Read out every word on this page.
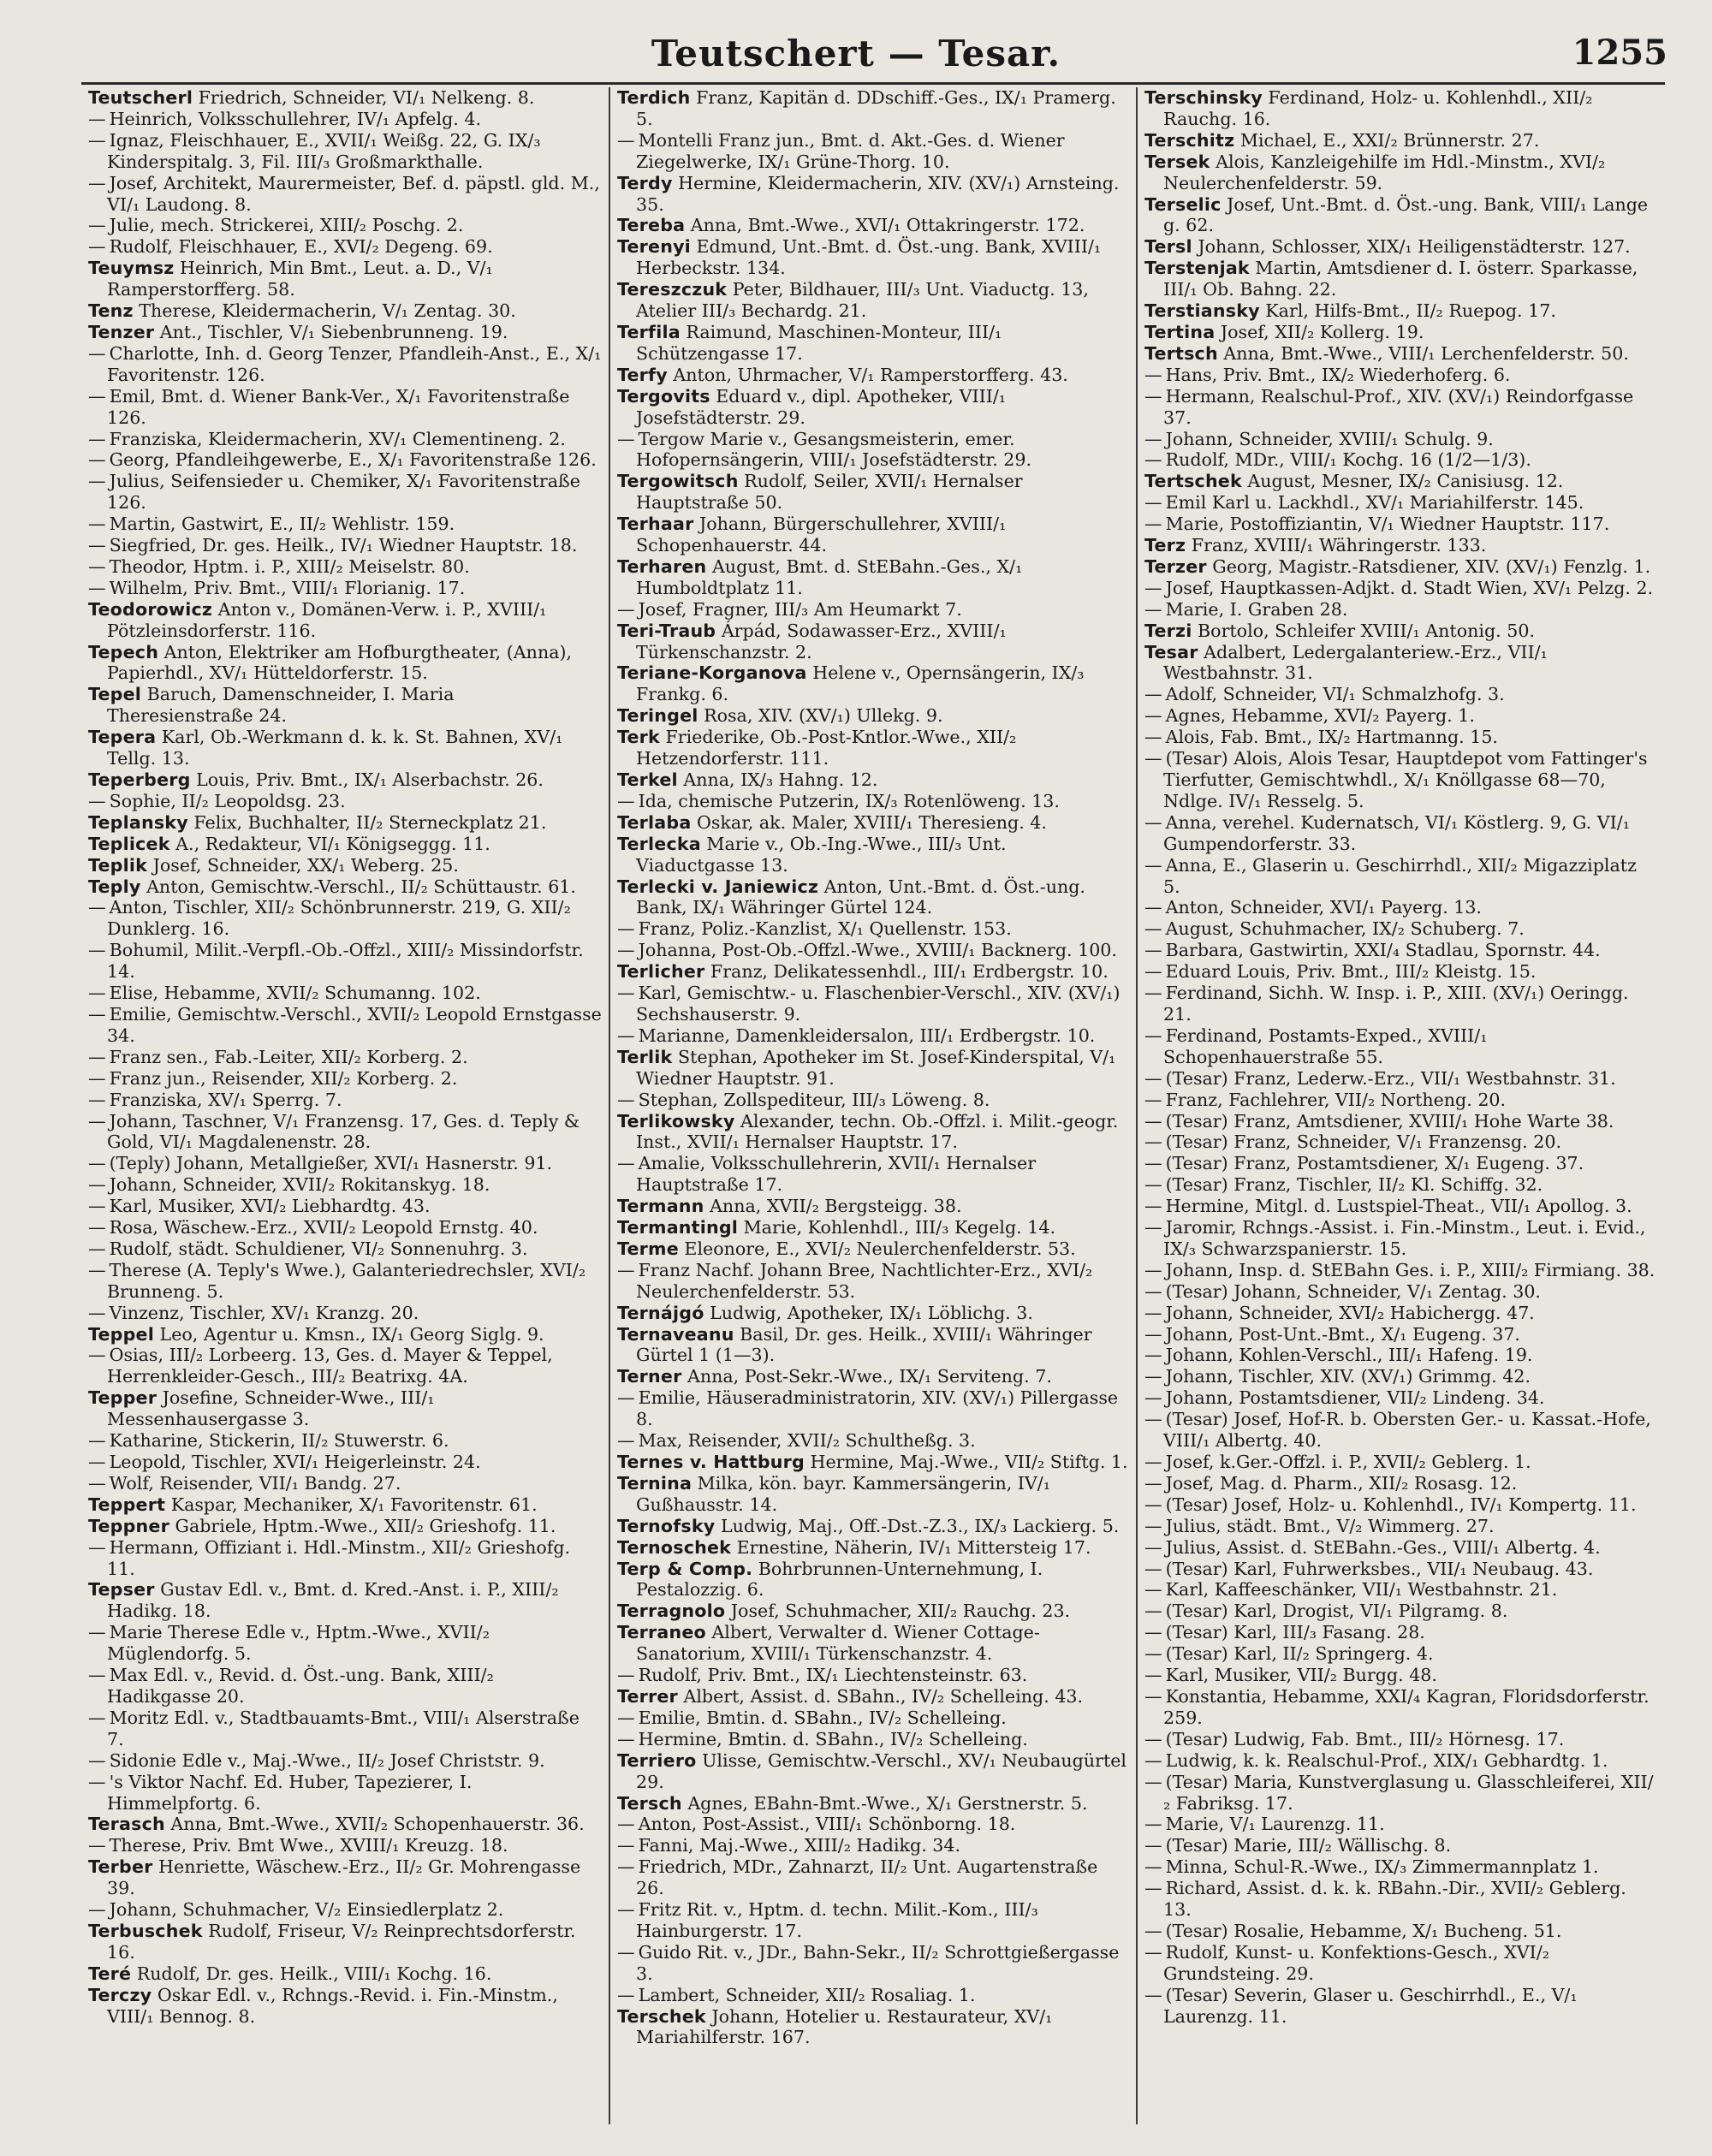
Teutschert — Tesar.	1255

Teutscherl Friedrich, Schneider, VI/₁ Nelkeng. 8.

— Heinrich, Volksschullehrer, IV/₁ Apfelg. 4.

— Ignaz, Fleischhauer, E., XVII/₁ Weißg. 22, G. IX/₃ Kinderspitalg. 3, Fil. III/₃ Großmarkthalle.

— Josef, Architekt, Maurermeister, Bef. d. päpstl. gld. M., VI/₁ Laudong. 8.

— Julie, mech. Strickerei, XIII/₂ Poschg. 2.

— Rudolf, Fleischhauer, E., XVI/₂ Degeng. 69.

Teuymsz Heinrich, Min Bmt., Leut. a. D., V/₁ Ramperstorfferg. 58.

Tenz Therese, Kleidermacherin, V/₁ Zentag. 30.

Tenzer Ant., Tischler, V/₁ Siebenbrunneng. 19.

— Charlotte, Inh. d. Georg Tenzer, Pfandleih-Anst., E., X/₁ Favoritenstr. 126.

— Emil, Bmt. d. Wiener Bank-Ver., X/₁ Favoritenstraße 126.

— Franziska, Kleidermacherin, XV/₁ Clementineng. 2.

— Georg, Pfandleihgewerbe, E., X/₁ Favoritenstraße 126.

— Julius, Seifensieder u. Chemiker, X/₁ Favoritenstraße 126.

— Martin, Gastwirt, E., II/₂ Wehlistr. 159.

— Siegfried, Dr. ges. Heilk., IV/₁ Wiedner Hauptstr. 18.

— Theodor, Hptm. i. P., XIII/₂ Meiselstr. 80.

— Wilhelm, Priv. Bmt., VIII/₁ Florianig. 17.

Teodorowicz Anton v., Domänen-Verw. i. P., XVIII/₁ Pötzleinsdorferstr. 116.

Tepech Anton, Elektriker am Hofburgtheater, (Anna), Papierhdl., XV/₁ Hütteldorferstr. 15.

Tepel Baruch, Damenschneider, I. Maria Theresienstraße 24.

Tepera Karl, Ob.-Werkmann d. k. k. St. Bahnen, XV/₁ Tellg. 13.

Teperberg Louis, Priv. Bmt., IX/₁ Alserbachstr. 26.

— Sophie, II/₂ Leopoldsg. 23.

Teplansky Felix, Buchhalter, II/₂ Sterneckplatz 21.

Teplicek A., Redakteur, VI/₁ Königseggg. 11.

Teplik Josef, Schneider, XX/₁ Weberg. 25.

Teply Anton, Gemischtw.-Verschl., II/₂ Schüttaustr. 61.

— Anton, Tischler, XII/₂ Schönbrunnerstr. 219, G. XII/₂ Dunklerg. 16.

— Bohumil, Milit.-Verpfl.-Ob.-Offzl., XIII/₂ Missindorfstr. 14.

— Elise, Hebamme, XVII/₂ Schumanng. 102.

— Emilie, Gemischtw.-Verschl., XVII/₂ Leopold Ernstgasse 34.

— Franz sen., Fab.-Leiter, XII/₂ Korberg. 2.

— Franz jun., Reisender, XII/₂ Korberg. 2.

— Franziska, XV/₁ Sperrg. 7.

— Johann, Taschner, V/₁ Franzensg. 17, Ges. d. Teply & Gold, VI/₁ Magdalenenstr. 28.

— (Teply) Johann, Metallgießer, XVI/₁ Hasnerstr. 91.

— Johann, Schneider, XVII/₂ Rokitanskyg. 18.

— Karl, Musiker, XVI/₂ Liebhardtg. 43.

— Rosa, Wäschew.-Erz., XVII/₂ Leopold Ernstg. 40.

— Rudolf, städt. Schuldiener, VI/₂ Sonnenuhrg. 3.

— Therese (A. Teply's Wwe.), Galanteriedrechsler, XVI/₂ Brunneng. 5.

— Vinzenz, Tischler, XV/₁ Kranzg. 20.

Teppel Leo, Agentur u. Kmsn., IX/₁ Georg Siglg. 9.

— Osias, III/₂ Lorbeerg. 13, Ges. d. Mayer & Teppel, Herrenkleider-Gesch., III/₂ Beatrixg. 4A.

Tepper Josefine, Schneider-Wwe., III/₁ Messenhausergasse 3.

— Katharine, Stickerin, II/₂ Stuwerstr. 6.

— Leopold, Tischler, XVI/₁ Heigerleinstr. 24.

— Wolf, Reisender, VII/₁ Bandg. 27.

Teppert Kaspar, Mechaniker, X/₁ Favoritenstr. 61.

Teppner Gabriele, Hptm.-Wwe., XII/₂ Grieshofg. 11.

— Hermann, Offiziant i. Hdl.-Minstm., XII/₂ Grieshofg. 11.

Tepser Gustav Edl. v., Bmt. d. Kred.-Anst. i. P., XIII/₂ Hadikg. 18.

— Marie Therese Edle v., Hptm.-Wwe., XVII/₂ Müglendorfg. 5.

— Max Edl. v., Revid. d. Öst.-ung. Bank, XIII/₂ Hadikgasse 20.

— Moritz Edl. v., Stadtbauamts-Bmt., VIII/₁ Alserstraße 7.

— Sidonie Edle v., Maj.-Wwe., II/₂ Josef Christstr. 9.

— 's Viktor Nachf. Ed. Huber, Tapezierer, I. Himmelpfortg. 6.

Terasch Anna, Bmt.-Wwe., XVII/₂ Schopenhauerstr. 36.

— Therese, Priv. Bmt Wwe., XVIII/₁ Kreuzg. 18.

Terber Henriette, Wäschew.-Erz., II/₂ Gr. Mohrengasse 39.

— Johann, Schuhmacher, V/₂ Einsiedlerplatz 2.

Terbuschek Rudolf, Friseur, V/₂ Reinprechtsdorferstr. 16.

Teré Rudolf, Dr. ges. Heilk., VIII/₁ Kochg. 16.

Terczy Oskar Edl. v., Rchngs.-Revid. i. Fin.-Minstm., VIII/₁ Bennog. 8.

Terdich Franz, Kapitän d. DDschiff.-Ges., IX/₁ Pramerg. 5.

— Montelli Franz jun., Bmt. d. Akt.-Ges. d. Wiener Ziegelwerke, IX/₁ Grüne-Thorg. 10.

Terdy Hermine, Kleidermacherin, XIV. (XV/₁) Arnsteing. 35.

Tereba Anna, Bmt.-Wwe., XVI/₁ Ottakringerstr. 172.

Terenyi Edmund, Unt.-Bmt. d. Öst.-ung. Bank, XVIII/₁ Herbeckstr. 134.

Tereszczuk Peter, Bildhauer, III/₃ Unt. Viaductg. 13, Atelier III/₃ Bechardg. 21.

Terfila Raimund, Maschinen-Monteur, III/₁ Schützengasse 17.

Terfy Anton, Uhrmacher, V/₁ Ramperstorfferg. 43.

Tergovits Eduard v., dipl. Apotheker, VIII/₁ Josefstädterstr. 29.

— Tergow Marie v., Gesangsmeisterin, emer. Hofopernsängerin, VIII/₁ Josefstädterstr. 29.

Tergowitsch Rudolf, Seiler, XVII/₁ Hernalser Hauptstraße 50.

Terhaar Johann, Bürgerschullehrer, XVIII/₁ Schopenhauerstr. 44.

Terharen August, Bmt. d. StEBahn.-Ges., X/₁ Humboldtplatz 11.

— Josef, Fragner, III/₃ Am Heumarkt 7.

Teri-Traub Árpád, Sodawasser-Erz., XVIII/₁ Türkenschanzstr. 2.

Teriane-Korganova Helene v., Opernsängerin, IX/₃ Frankg. 6.

Teringel Rosa, XIV. (XV/₁) Ullekg. 9.

Terk Friederike, Ob.-Post-Kntlor.-Wwe., XII/₂ Hetzendorferstr. 111.

Terkel Anna, IX/₃ Hahng. 12.

— Ida, chemische Putzerin, IX/₃ Rotenlöweng. 13.

Terlaba Oskar, ak. Maler, XVIII/₁ Theresieng. 4.

Terlecka Marie v., Ob.-Ing.-Wwe., III/₃ Unt. Viaductgasse 13.

Terlecki v. Janiewicz Anton, Unt.-Bmt. d. Öst.-ung. Bank, IX/₁ Währinger Gürtel 124.

— Franz, Poliz.-Kanzlist, X/₁ Quellenstr. 153.

— Johanna, Post-Ob.-Offzl.-Wwe., XVIII/₁ Backnerg. 100.

Terlicher Franz, Delikatessenhdl., III/₁ Erdbergstr. 10.

— Karl, Gemischtw.- u. Flaschenbier-Verschl., XIV. (XV/₁) Sechshauserstr. 9.

— Marianne, Damenkleidersalon, III/₁ Erdbergstr. 10.

Terlik Stephan, Apotheker im St. Josef-Kinderspital, V/₁ Wiedner Hauptstr. 91.

— Stephan, Zollspediteur, III/₃ Löweng. 8.

Terlikowsky Alexander, techn. Ob.-Offzl. i. Milit.-geogr. Inst., XVII/₁ Hernalser Hauptstr. 17.

— Amalie, Volksschullehrerin, XVII/₁ Hernalser Hauptstraße 17.

Termann Anna, XVII/₂ Bergsteigg. 38.

Termantingl Marie, Kohlenhdl., III/₃ Kegelg. 14.

Terme Eleonore, E., XVI/₂ Neulerchenfelderstr. 53.

— Franz Nachf. Johann Bree, Nachtlichter-Erz., XVI/₂ Neulerchenfelderstr. 53.

Ternájgó Ludwig, Apotheker, IX/₁ Löblichg. 3.

Ternaveanu Basil, Dr. ges. Heilk., XVIII/₁ Währinger Gürtel 1 (1—3).

Terner Anna, Post-Sekr.-Wwe., IX/₁ Serviteng. 7.

— Emilie, Häuseradministratorin, XIV. (XV/₁) Pillergasse 8.

— Max, Reisender, XVII/₂ Schultheßg. 3.

Ternes v. Hattburg Hermine, Maj.-Wwe., VII/₂ Stiftg. 1.

Ternina Milka, kön. bayr. Kammersängerin, IV/₁ Gußhausstr. 14.

Ternofsky Ludwig, Maj., Off.-Dst.-Z.3., IX/₃ Lackierg. 5.

Ternoschek Ernestine, Näherin, IV/₁ Mittersteig 17.

Terp & Comp. Bohrbrunnen-Unternehmung, I. Pestalozzig. 6.

Terragnolo Josef, Schuhmacher, XII/₂ Rauchg. 23.

Terraneo Albert, Verwalter d. Wiener Cottage-Sanatorium, XVIII/₁ Türkenschanzstr. 4.

— Rudolf, Priv. Bmt., IX/₁ Liechtensteinstr. 63.

Terrer Albert, Assist. d. SBahn., IV/₂ Schelleing. 43.

— Emilie, Bmtin. d. SBahn., IV/₂ Schelleing.

— Hermine, Bmtin. d. SBahn., IV/₂ Schelleing.

Terriero Ulisse, Gemischtw.-Verschl., XV/₁ Neubaugürtel 29.

Tersch Agnes, EBahn-Bmt.-Wwe., X/₁ Gerstnerstr. 5.

— Anton, Post-Assist., VIII/₁ Schönborng. 18.

— Fanni, Maj.-Wwe., XIII/₂ Hadikg. 34.

— Friedrich, MDr., Zahnarzt, II/₂ Unt. Augartenstraße 26.

— Fritz Rit. v., Hptm. d. techn. Milit.-Kom., III/₃ Hainburgerstr. 17.

— Guido Rit. v., JDr., Bahn-Sekr., II/₂ Schrottgießergasse 3.

— Lambert, Schneider, XII/₂ Rosaliag. 1.

Terschek Johann, Hotelier u. Restaurateur, XV/₁ Mariahilferstr. 167.

Terschinsky Ferdinand, Holz- u. Kohlenhdl., XII/₂ Rauchg. 16.

Terschitz Michael, E., XXI/₂ Brünnerstr. 27.

Tersek Alois, Kanzleigehilfe im Hdl.-Minstm., XVI/₂ Neulerchenfelderstr. 59.

Terselic Josef, Unt.-Bmt. d. Öst.-ung. Bank, VIII/₁ Lange g. 62.

Tersl Johann, Schlosser, XIX/₁ Heiligenstädterstr. 127.

Terstenjak Martin, Amtsdiener d. I. österr. Sparkasse, III/₁ Ob. Bahng. 22.

Terstiansky Karl, Hilfs-Bmt., II/₂ Ruepog. 17.

Tertina Josef, XII/₂ Kollerg. 19.

Tertsch Anna, Bmt.-Wwe., VIII/₁ Lerchenfelderstr. 50.

— Hans, Priv. Bmt., IX/₂ Wiederhoferg. 6.

— Hermann, Realschul-Prof., XIV. (XV/₁) Reindorfgasse 37.

— Johann, Schneider, XVIII/₁ Schulg. 9.

— Rudolf, MDr., VIII/₁ Kochg. 16 (1/2—1/3).

Tertschek August, Mesner, IX/₂ Canisiusg. 12.

— Emil Karl u. Lackhdl., XV/₁ Mariahilferstr. 145.

— Marie, Postoffiziantin, V/₁ Wiedner Hauptstr. 117.

Terz Franz, XVIII/₁ Währingerstr. 133.

Terzer Georg, Magistr.-Ratsdiener, XIV. (XV/₁) Fenzlg. 1.

— Josef, Hauptkassen-Adjkt. d. Stadt Wien, XV/₁ Pelzg. 2.

— Marie, I. Graben 28.

Terzi Bortolo, Schleifer XVIII/₁ Antonig. 50.

Tesar Adalbert, Ledergalanteriew.-Erz., VII/₁ Westbahnstr. 31.

— Adolf, Schneider, VI/₁ Schmalzhofg. 3.

— Agnes, Hebamme, XVI/₂ Payerg. 1.

— Alois, Fab. Bmt., IX/₂ Hartmanng. 15.

— (Tesar) Alois, Alois Tesar, Hauptdepot vom Fattinger's Tierfutter, Gemischtwhdl., X/₁ Knöllgasse 68—70, Ndlge. IV/₁ Resselg. 5.

— Anna, verehel. Kudernatsch, VI/₁ Köstlerg. 9, G. VI/₁ Gumpendorferstr. 33.

— Anna, E., Glaserin u. Geschirrhdl., XII/₂ Migazziplatz 5.

— Anton, Schneider, XVI/₁ Payerg. 13.

— August, Schuhmacher, IX/₂ Schuberg. 7.

— Barbara, Gastwirtin, XXI/₄ Stadlau, Spornstr. 44.

— Eduard Louis, Priv. Bmt., III/₂ Kleistg. 15.

— Ferdinand, Sichh. W. Insp. i. P., XIII. (XV/₁) Oeringg. 21.

— Ferdinand, Postamts-Exped., XVIII/₁ Schopenhauerstraße 55.

— (Tesar) Franz, Lederw.-Erz., VII/₁ Westbahnstr. 31.

— Franz, Fachlehrer, VII/₂ Northeng. 20.

— (Tesar) Franz, Amtsdiener, XVIII/₁ Hohe Warte 38.

— (Tesar) Franz, Schneider, V/₁ Franzensg. 20.

— (Tesar) Franz, Postamtsdiener, X/₁ Eugeng. 37.

— (Tesar) Franz, Tischler, II/₂ Kl. Schiffg. 32.

— Hermine, Mitgl. d. Lustspiel-Theat., VII/₁ Apollog. 3.

— Jaromir, Rchngs.-Assist. i. Fin.-Minstm., Leut. i. Evid., IX/₃ Schwarzspanierstr. 15.

— Johann, Insp. d. StEBahn Ges. i. P., XIII/₂ Firmiang. 38.

— (Tesar) Johann, Schneider, V/₁ Zentag. 30.

— Johann, Schneider, XVI/₂ Habichergg. 47.

— Johann, Post-Unt.-Bmt., X/₁ Eugeng. 37.

— Johann, Kohlen-Verschl., III/₁ Hafeng. 19.

— Johann, Tischler, XIV. (XV/₁) Grimmg. 42.

— Johann, Postamtsdiener, VII/₂ Lindeng. 34.

— (Tesar) Josef, Hof-R. b. Obersten Ger.- u. Kassat.-Hofe, VIII/₁ Albertg. 40.

— Josef, k.Ger.-Offzl. i. P., XVII/₂ Geblerg. 1.

— Josef, Mag. d. Pharm., XII/₂ Rosasg. 12.

— (Tesar) Josef, Holz- u. Kohlenhdl., IV/₁ Kompertg. 11.

— Julius, städt. Bmt., V/₂ Wimmerg. 27.

— Julius, Assist. d. StEBahn.-Ges., VIII/₁ Albertg. 4.

— (Tesar) Karl, Fuhrwerksbes., VII/₁ Neubaug. 43.

— Karl, Kaffeeschänker, VII/₁ Westbahnstr. 21.

— (Tesar) Karl, Drogist, VI/₁ Pilgramg. 8.

— (Tesar) Karl, III/₃ Fasang. 28.

— (Tesar) Karl, II/₂ Springerg. 4.

— Karl, Musiker, VII/₂ Burgg. 48.

— Konstantia, Hebamme, XXI/₄ Kagran, Floridsdorferstr. 259.

— (Tesar) Ludwig, Fab. Bmt., III/₂ Hörnesg. 17.

— Ludwig, k. k. Realschul-Prof., XIX/₁ Gebhardtg. 1.

— (Tesar) Maria, Kunstverglasung u. Glasschleiferei, XII/₂ Fabriksg. 17.

— Marie, V/₁ Laurenzg. 11.

— (Tesar) Marie, III/₂ Wällischg. 8.

— Minna, Schul-R.-Wwe., IX/₃ Zimmermannplatz 1.

— Richard, Assist. d. k. k. RBahn.-Dir., XVII/₂ Geblerg. 13.

— (Tesar) Rosalie, Hebamme, X/₁ Bucheng. 51.

— Rudolf, Kunst- u. Konfektions-Gesch., XVI/₂ Grundsteing. 29.

— (Tesar) Severin, Glaser u. Geschirrhdl., E., V/₁ Laurenzg. 11.
